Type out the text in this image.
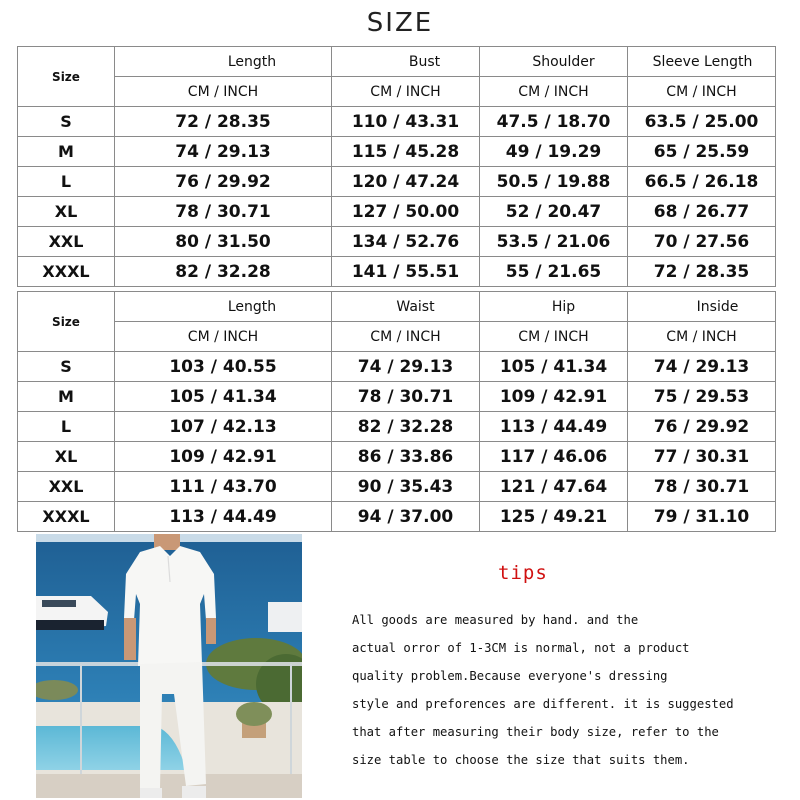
SIZE
Size	Length	Bust	Shoulder	Sleeve Length
	CM / INCH	CM / INCH	CM / INCH	CM / INCH
S	72 / 28.35	110 / 43.31	47.5 / 18.70	63.5 / 25.00
M	74 / 29.13	115 / 45.28	49 / 19.29	65 / 25.59
L	76 / 29.92	120 / 47.24	50.5 / 19.88	66.5 / 26.18
XL	78 / 30.71	127 / 50.00	52 / 20.47	68 / 26.77
XXL	80 / 31.50	134 / 52.76	53.5 / 21.06	70 / 27.56
XXXL	82 / 32.28	141 / 55.51	55 / 21.65	72 / 28.35
Size	Length	Waist	Hip	Inside
	CM / INCH	CM / INCH	CM / INCH	CM / INCH
S	103 / 40.55	74 / 29.13	105 / 41.34	74 / 29.13
M	105 / 41.34	78 / 30.71	109 / 42.91	75 / 29.53
L	107 / 42.13	82 / 32.28	113 / 44.49	76 / 29.92
XL	109 / 42.91	86 / 33.86	117 / 46.06	77 / 30.31
XXL	111 / 43.70	90 / 35.43	121 / 47.64	78 / 30.71
XXXL	113 / 44.49	94 / 37.00	125 / 49.21	79 / 31.10
tips
All goods are measured by hand. and the
actual orror of 1-3CM is normal, not a product
quality problem.Because everyone's dressing
style and preforences are different. it is suggested
that after measuring their body size, refer to the
size table to choose the size that suits them.
